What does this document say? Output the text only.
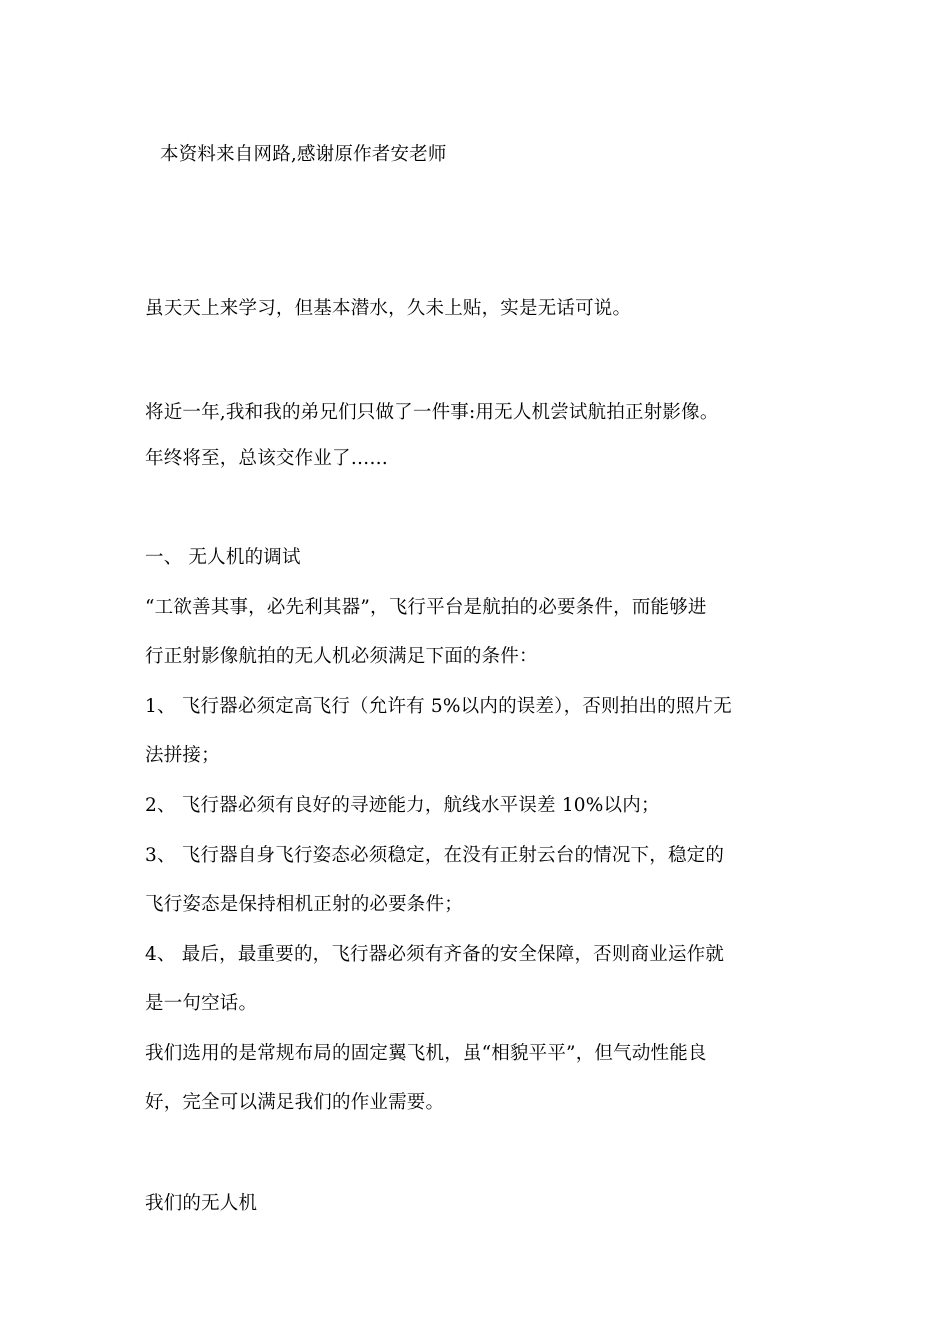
本资料来自网路,感谢原作者安老师
虽天天上来学习，但基本潜水，久未上贴，实是无话可说。
将近一年,我和我的弟兄们只做了一件事:用无人机尝试航拍正射影像。
年终将至，总该交作业了……
一、 无人机的调试
“工欲善其事，必先利其器”，飞行平台是航拍的必要条件，而能够进
行正射影像航拍的无人机必须满足下面的条件：
1、 飞行器必须定高飞行（允许有 5%以内的误差），否则拍出的照片无
法拼接；
2、 飞行器必须有良好的寻迹能力，航线水平误差 10%以内；
3、 飞行器自身飞行姿态必须稳定，在没有正射云台的情况下，稳定的
飞行姿态是保持相机正射的必要条件；
4、 最后，最重要的，飞行器必须有齐备的安全保障，否则商业运作就
是一句空话。
我们选用的是常规布局的固定翼飞机，虽“相貌平平”，但气动性能良
好，完全可以满足我们的作业需要。
我们的无人机
